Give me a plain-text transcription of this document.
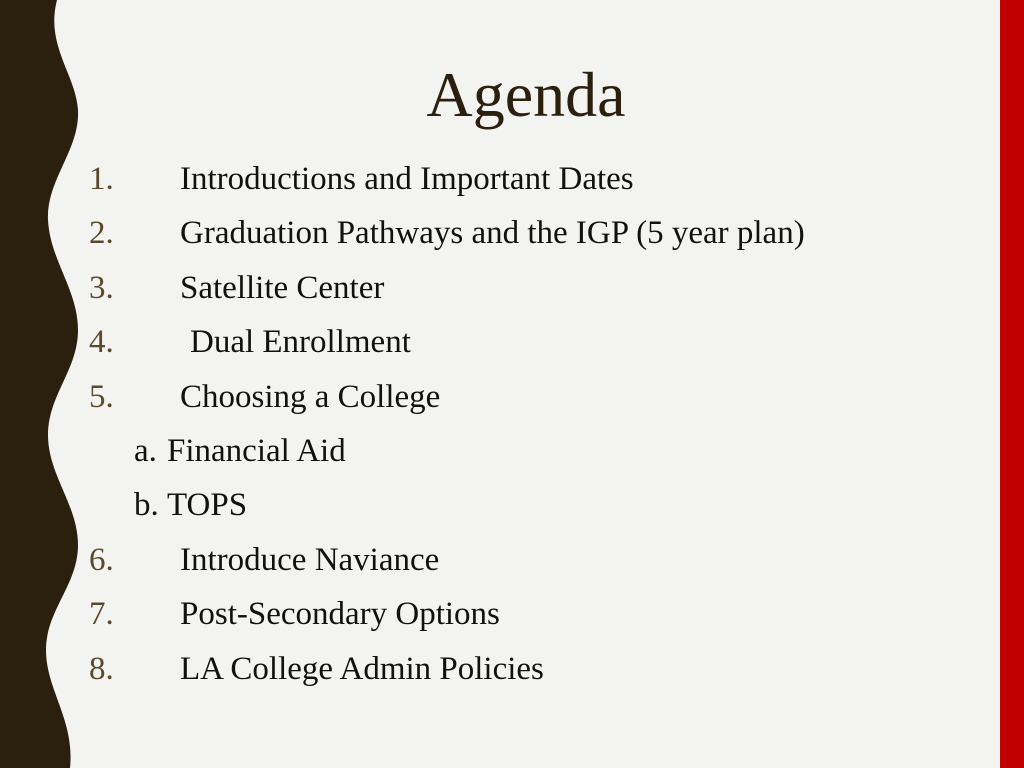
Agenda
1. Introductions and Important Dates
2. Graduation Pathways and the IGP (5 year plan)
3. Satellite Center
4. Dual Enrollment
5. Choosing a College
a. Financial Aid
b. TOPS
6. Introduce Naviance
7. Post-Secondary Options
8. LA College Admin Policies
